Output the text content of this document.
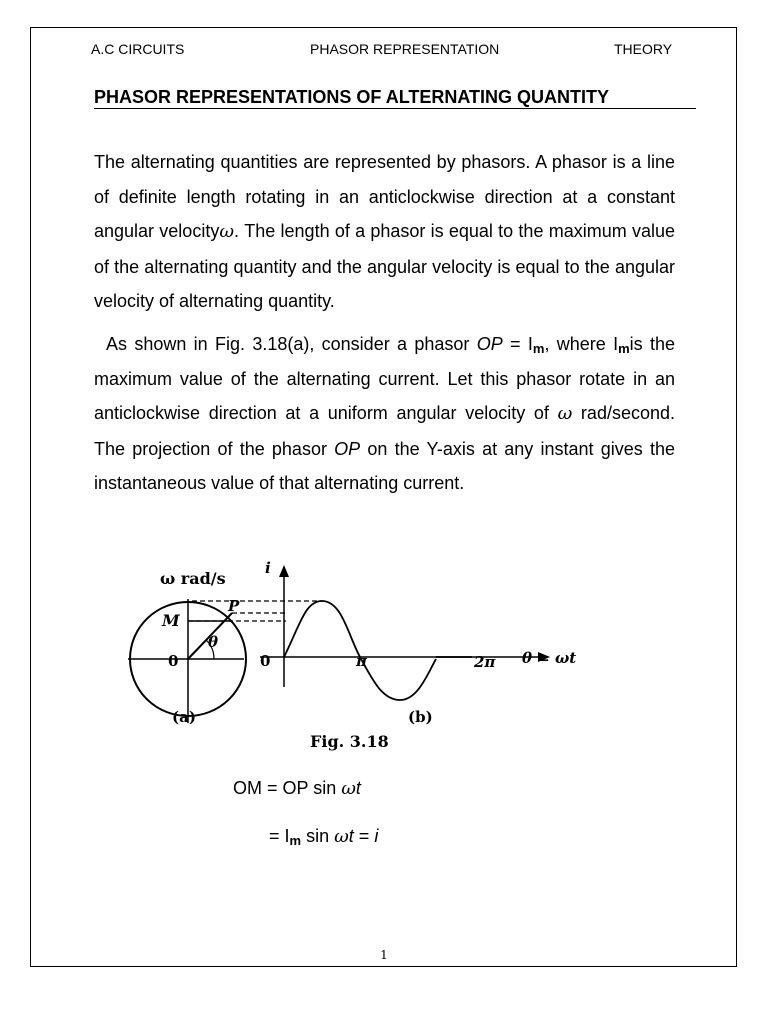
A.C CIRCUITS	PHASOR REPRESENTATION	THEORY
PHASOR REPRESENTATIONS OF ALTERNATING QUANTITY

The alternating quantities are represented by phasors. A phasor is a line of definite length rotating in an anticlockwise direction at a constant angular velocityω. The length of a phasor is equal to the maximum value of the alternating quantity and the angular velocity is equal to the angular velocity of alternating quantity.

As shown in Fig. 3.18(a), consider a phasor OP = $I_m$, where $I_mis$ the maximum value of the alternating current. Let this phasor rotate in an anticlockwise direction at a uniform angular velocity of ω rad/second. The projection of the phasor OP on the Y-axis at any instant gives the instantaneous value of that alternating current.

ω rad/s
M
P
θ
0
(a)
i
0	π	2π θ = ωt
(b)
Fig. 3.18
OM = OP sin ωt
= $I_m$ sin ωt = i
1
